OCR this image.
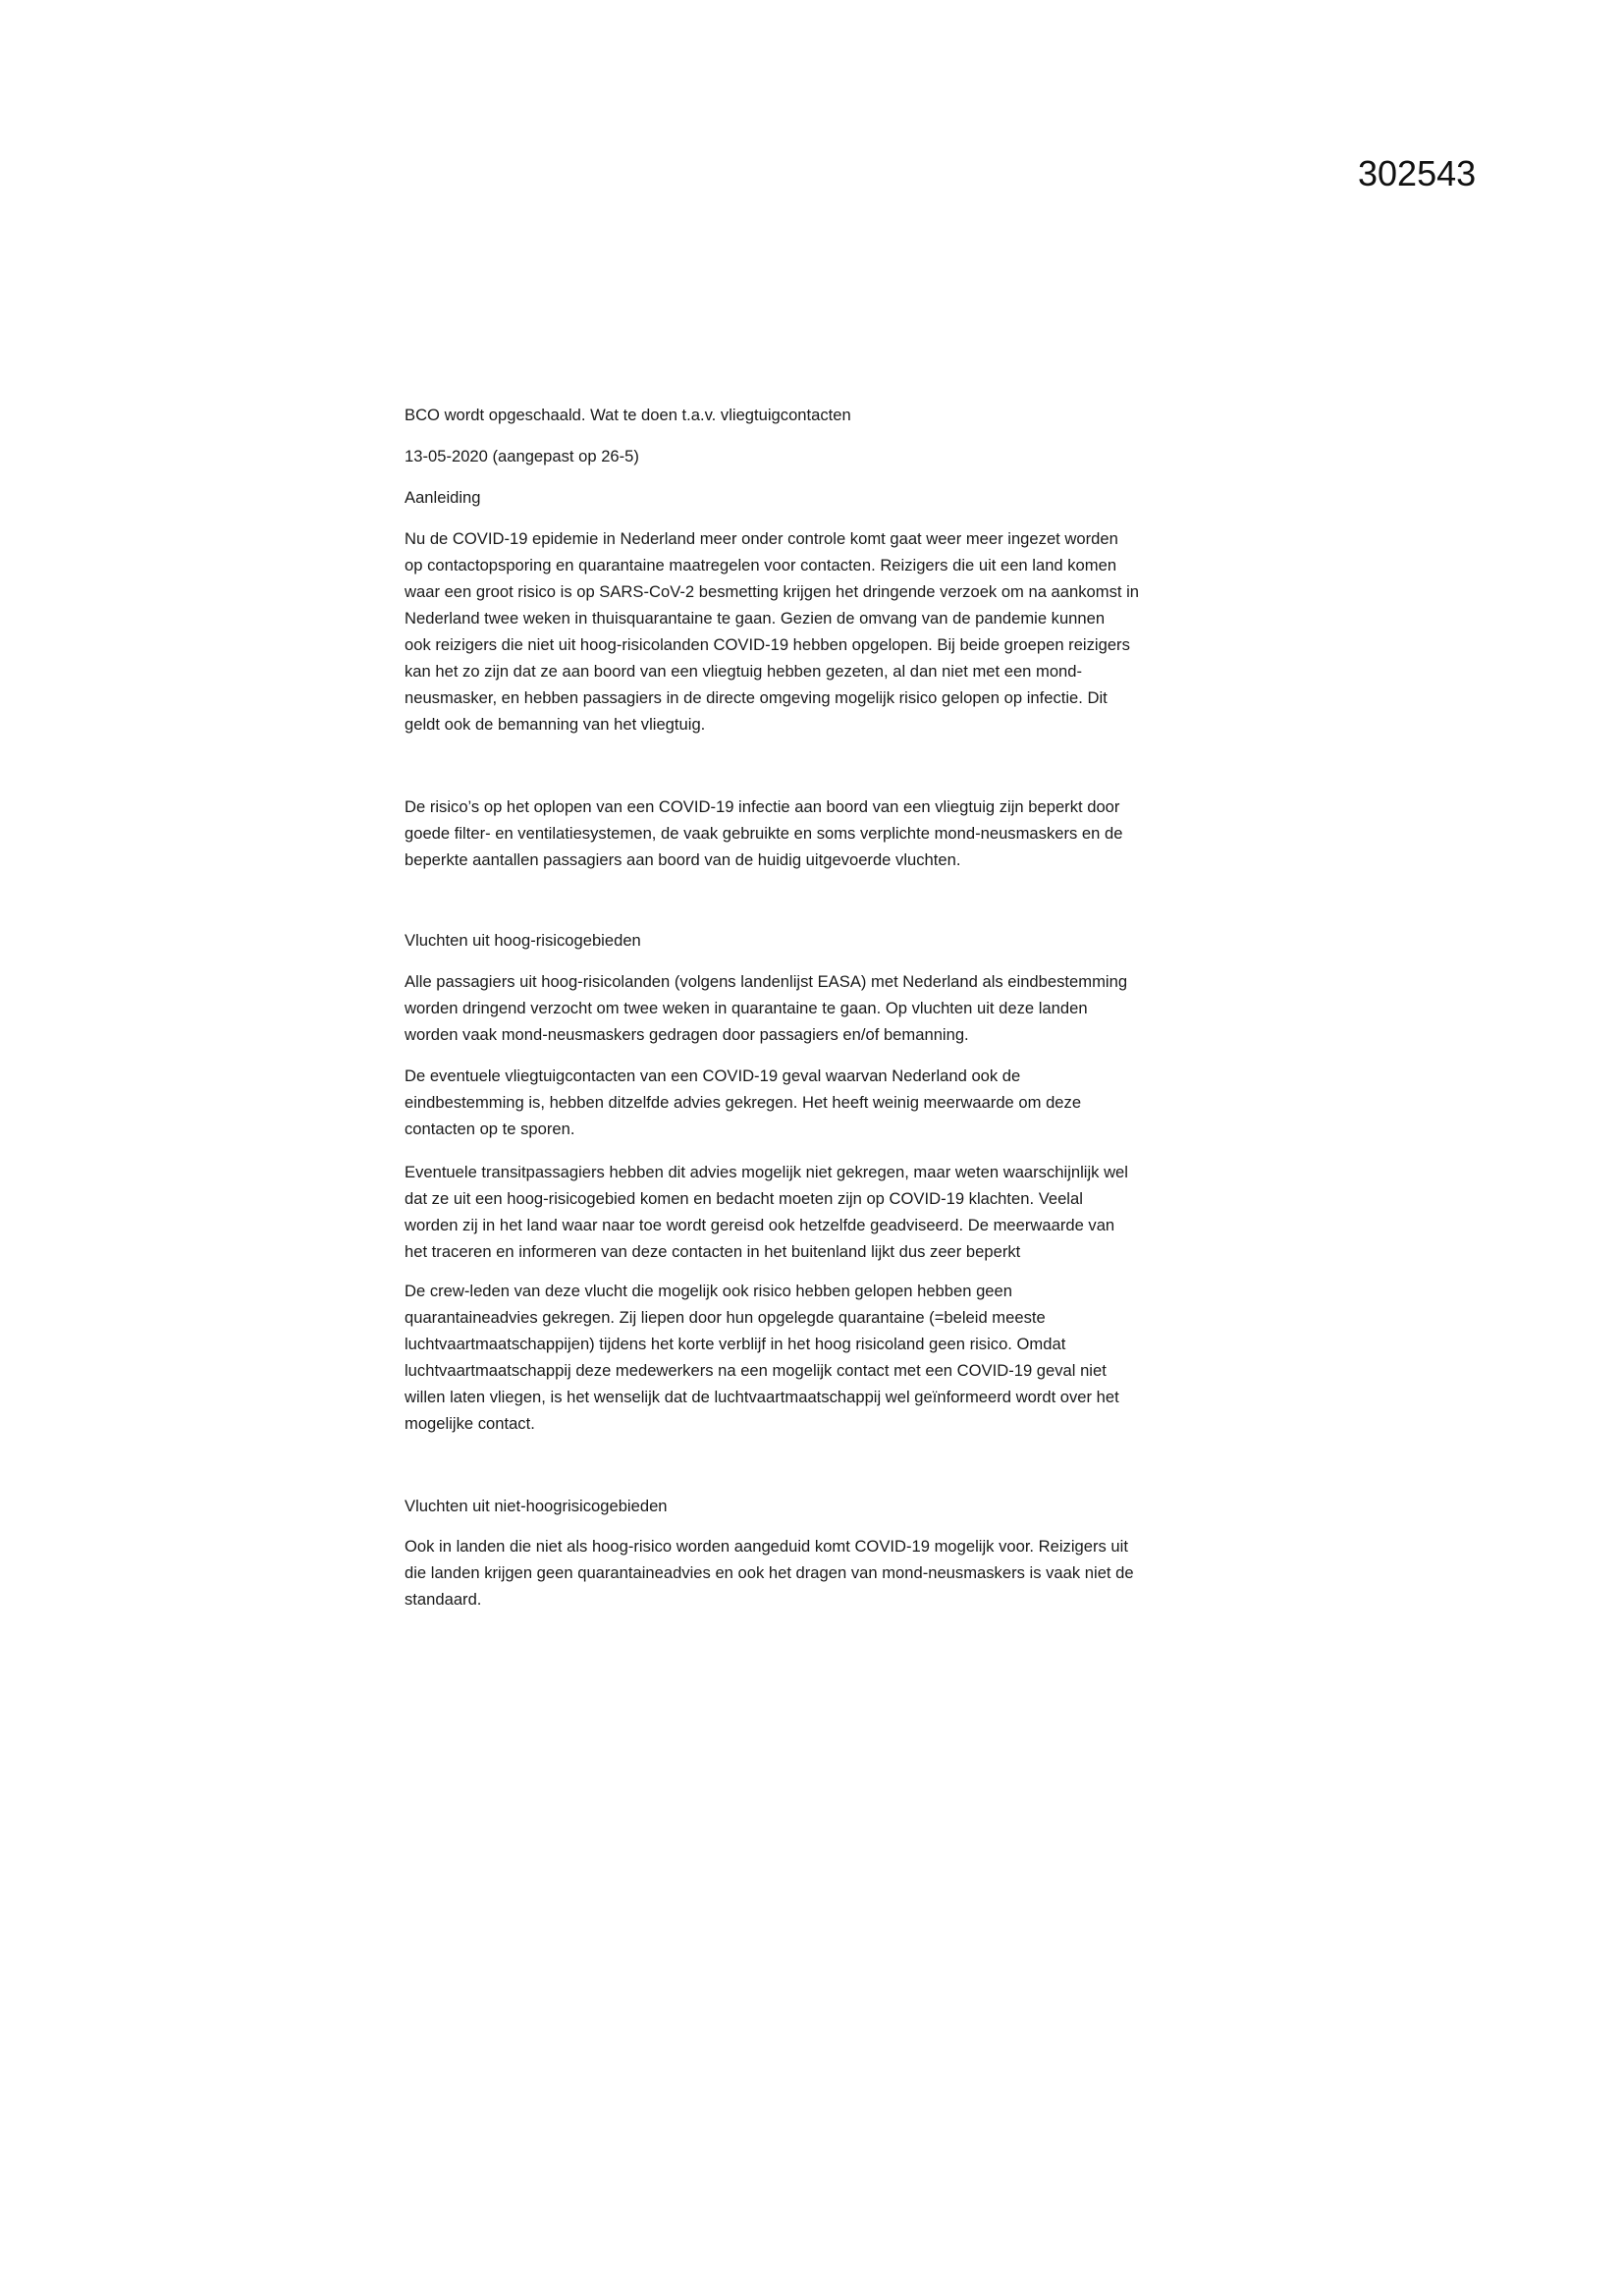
302543
BCO wordt opgeschaald. Wat te doen t.a.v. vliegtuigcontacten
13-05-2020 (aangepast op 26-5)
Aanleiding
Nu de COVID-19 epidemie in Nederland meer onder controle komt gaat weer meer ingezet worden
op contactopsporing en quarantaine maatregelen voor contacten. Reizigers die uit een land komen
waar een groot risico is op SARS-CoV-2 besmetting krijgen het dringende verzoek om na aankomst in
Nederland twee weken in thuisquarantaine te gaan. Gezien de omvang van de pandemie kunnen
ook reizigers die niet uit hoog-risicolanden COVID-19 hebben opgelopen. Bij beide groepen reizigers
kan het zo zijn dat ze aan boord van een vliegtuig hebben gezeten, al dan niet met een mond-
neusmasker, en hebben passagiers in de directe omgeving mogelijk risico gelopen op infectie. Dit
geldt ook de bemanning van het vliegtuig.
De risico’s op het oplopen van een COVID-19 infectie aan boord van een vliegtuig zijn beperkt door
goede filter- en ventilatiesystemen, de vaak gebruikte en soms verplichte mond-neusmaskers en de
beperkte aantallen passagiers aan boord van de huidig uitgevoerde vluchten.
Vluchten uit hoog-risicogebieden
Alle passagiers uit hoog-risicolanden (volgens landenlijst EASA) met Nederland als eindbestemming
worden dringend verzocht om twee weken in quarantaine te gaan. Op vluchten uit deze landen
worden vaak mond-neusmaskers gedragen door passagiers en/of bemanning.
De eventuele vliegtuigcontacten van een COVID-19 geval waarvan Nederland ook de
eindbestemming is, hebben ditzelfde advies gekregen. Het heeft weinig meerwaarde om deze
contacten op te sporen.
Eventuele transitpassagiers hebben dit advies mogelijk niet gekregen, maar weten waarschijnlijk wel
dat ze uit een hoog-risicogebied komen en bedacht moeten zijn op COVID-19 klachten. Veelal
worden zij in het land waar naar toe wordt gereisd ook hetzelfde geadviseerd. De meerwaarde van
het traceren en informeren van deze contacten in het buitenland lijkt dus zeer beperkt
De crew-leden van deze vlucht die mogelijk ook risico hebben gelopen hebben geen
quarantaineadvies gekregen. Zij liepen door hun opgelegde quarantaine (=beleid meeste
luchtvaartmaatschappijen) tijdens het korte verblijf in het hoog risicoland geen risico. Omdat
luchtvaartmaatschappij deze medewerkers na een mogelijk contact met een COVID-19 geval niet
willen laten vliegen, is het wenselijk dat de luchtvaartmaatschappij wel geïnformeerd wordt over het
mogelijke contact.
Vluchten uit niet-hoogrisicogebieden
Ook in landen die niet als hoog-risico worden aangeduid komt COVID-19 mogelijk voor. Reizigers uit
die landen krijgen geen quarantaineadvies en ook het dragen van mond-neusmaskers is vaak niet de
standaard.
